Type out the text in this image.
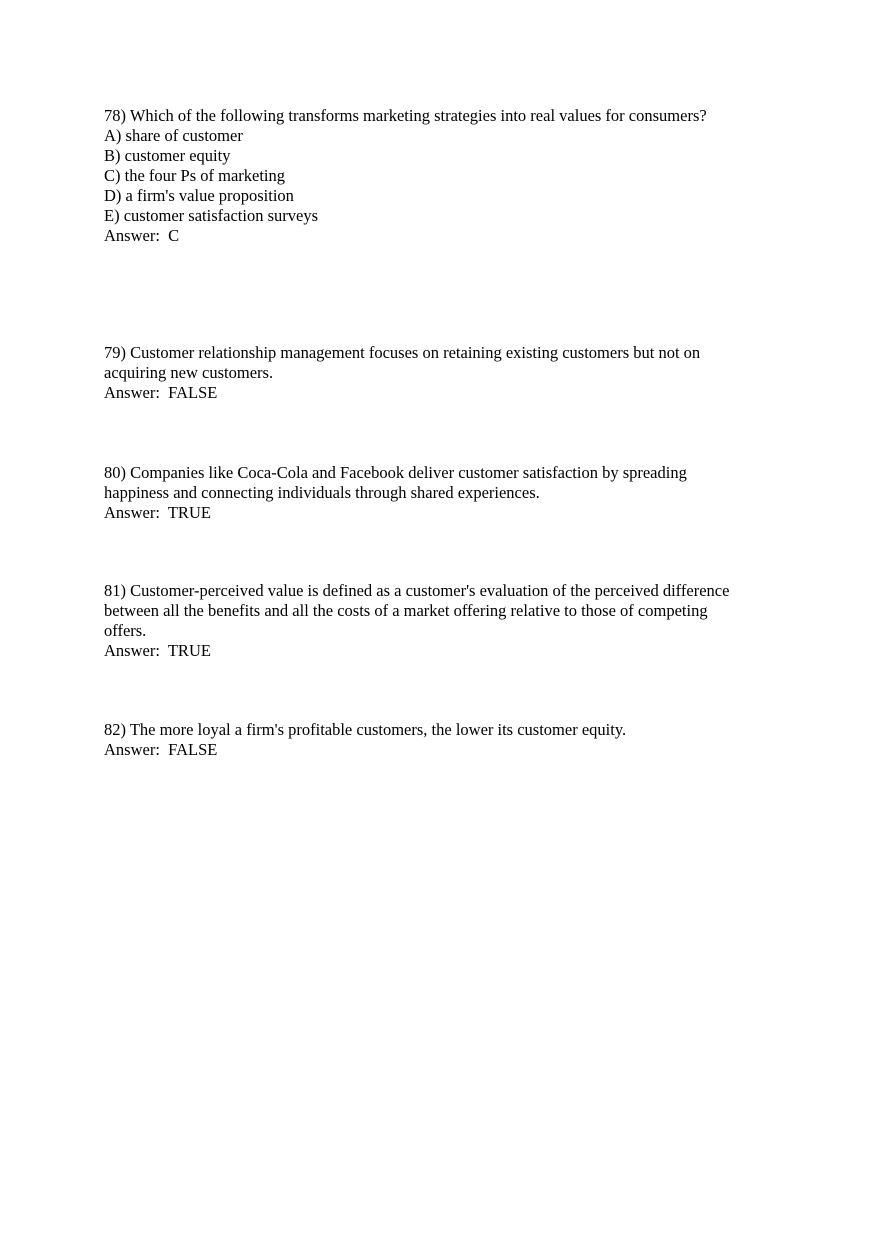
78) Which of the following transforms marketing strategies into real values for consumers?
A) share of customer
B) customer equity
C) the four Ps of marketing
D) a firm's value proposition
E) customer satisfaction surveys
Answer:  C
79) Customer relationship management focuses on retaining existing customers but not on
acquiring new customers.
Answer:  FALSE
80) Companies like Coca-Cola and Facebook deliver customer satisfaction by spreading
happiness and connecting individuals through shared experiences.
Answer:  TRUE
81) Customer-perceived value is defined as a customer's evaluation of the perceived difference
between all the benefits and all the costs of a market offering relative to those of competing
offers.
Answer:  TRUE
82) The more loyal a firm's profitable customers, the lower its customer equity.
Answer:  FALSE
